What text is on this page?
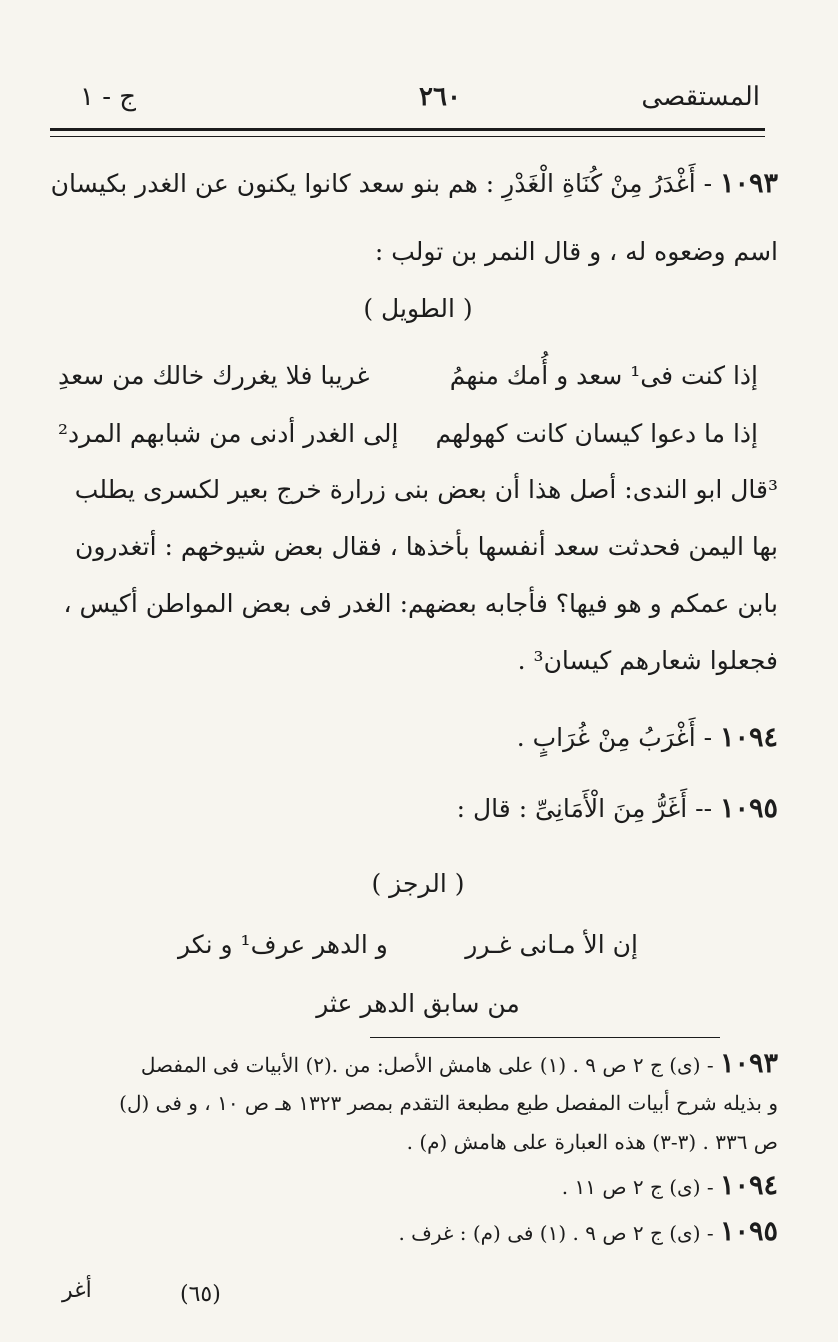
المستقصى
٢٦٠
ج - ١
١٠٩٣ - أَغْدَرُ مِنْ كُنَاةِ الْغَدْرِ : هم بنو سعد كانوا يكنون عن الغدر بكيسان
اسم وضعوه له ، و قال النمر بن تولب :
( الطويل )
إذا كنت فى¹ سعد و أُمك منهمُ
غريبا فلا يغررك خالك من سعدِ
إذا ما دعوا كيسان كانت كهولهم
إلى الغدر أدنى من شبابهم المرد²
³قال ابو الندى: أصل هذا أن بعض بنى زرارة خرج بعير لكسرى يطلب
بها اليمن فحدثت سعد أنفسها بأخذها ، فقال بعض شيوخهم : أتغدرون
بابن عمكم و هو فيها؟ فأجابه بعضهم: الغدر فى بعض المواطن أكيس ،
فجعلوا شعارهم كيسان³ .
١٠٩٤ - أَغْرَبُ مِنْ غُرَابٍ .
١٠٩٥ -- أَغَرُّ مِنَ الْأَمَانِىِّ : قال :
( الرجز )
إن الأ مـانى غـرر
و الدهر عرف¹ و نكر
من سابق الدهر عثر
١٠٩٣ - (ى) ج ٢ ص ٩ . (١) على هامش الأصل: من .(٢) الأبيات فى المفصل
و بذيله شرح أبيات المفصل طبع مطبعة التقدم بمصر ١٣٢٣ هـ ص ١٠ ، و فى (ل)
ص ٣٣٦ . (٣-٣) هذه العبارة على هامش (م) .
١٠٩٤ - (ى) ج ٢ ص ١١ .
١٠٩٥ - (ى) ج ٢ ص ٩ . (١) فى (م) : غرف .
(٦٥)
أغر
